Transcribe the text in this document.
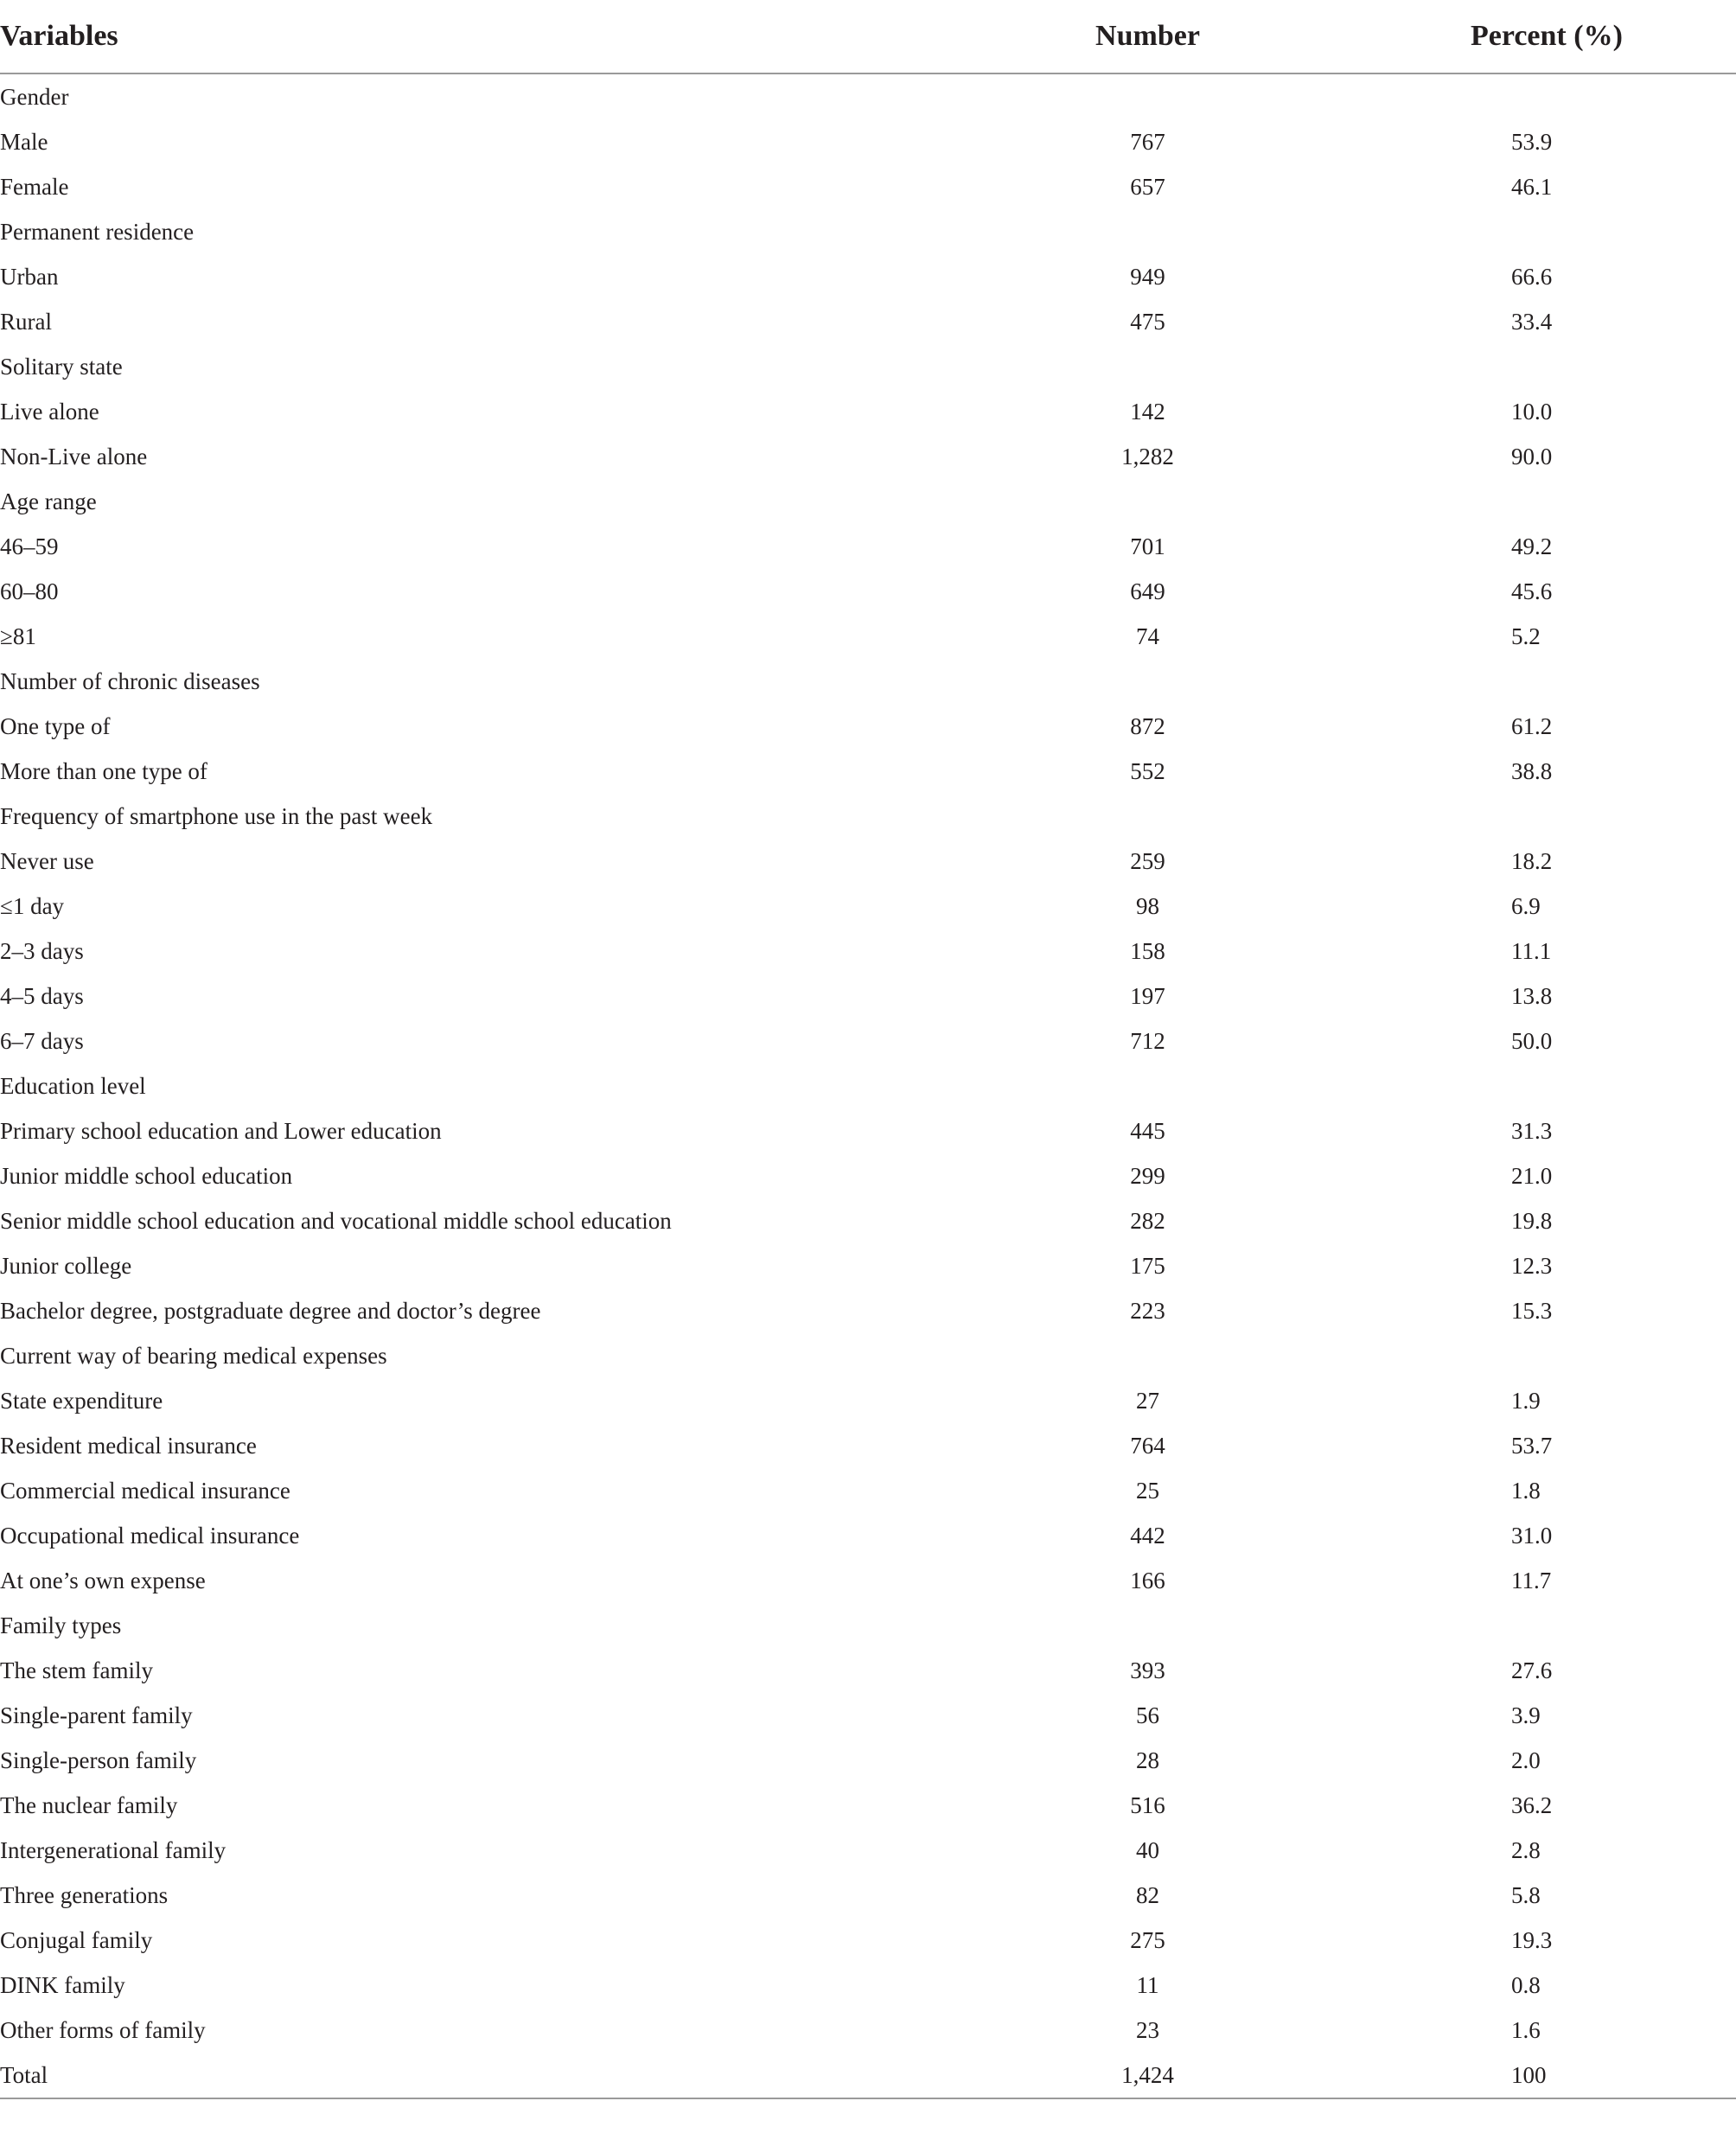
Variables	Number	Percent (%)
Gender		
Male	767	53.9
Female	657	46.1
Permanent residence		
Urban	949	66.6
Rural	475	33.4
Solitary state		
Live alone	142	10.0
Non-Live alone	1,282	90.0
Age range		
46–59	701	49.2
60–80	649	45.6
≥81	74	5.2
Number of chronic diseases		
One type of	872	61.2
More than one type of	552	38.8
Frequency of smartphone use in the past week		
Never use	259	18.2
≤1 day	98	6.9
2–3 days	158	11.1
4–5 days	197	13.8
6–7 days	712	50.0
Education level		
Primary school education and Lower education	445	31.3
Junior middle school education	299	21.0
Senior middle school education and vocational middle school education	282	19.8
Junior college	175	12.3
Bachelor degree, postgraduate degree and doctor’s degree	223	15.3
Current way of bearing medical expenses		
State expenditure	27	1.9
Resident medical insurance	764	53.7
Commercial medical insurance	25	1.8
Occupational medical insurance	442	31.0
At one’s own expense	166	11.7
Family types		
The stem family	393	27.6
Single-parent family	56	3.9
Single-person family	28	2.0
The nuclear family	516	36.2
Intergenerational family	40	2.8
Three generations	82	5.8
Conjugal family	275	19.3
DINK family	11	0.8
Other forms of family	23	1.6
Total	1,424	100
